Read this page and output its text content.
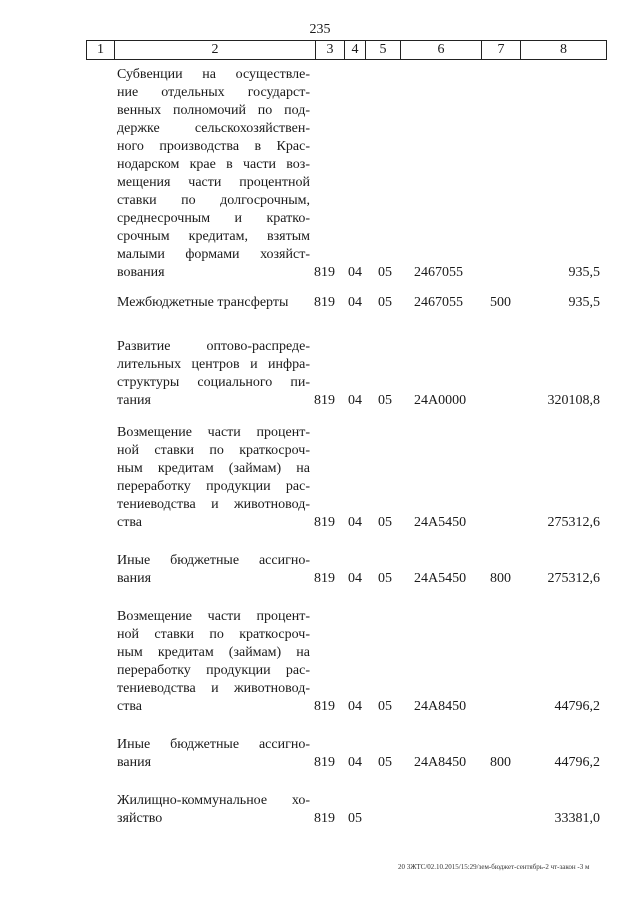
235
1	2	3	4	5	6	7	8
Субвенции на осуществле-
ние отдельных государст-
венных полномочий по под-
держке сельскохозяйствен-
ного производства в Крас-
нодарском крае в части воз-
мещения части процентной
ставки по долгосрочным,
среднесрочным и кратко-
срочным кредитам, взятым
малыми формами хозяйст-
вования	819 04 05 2467055	935,5
Межбюджетные трансферты	819 04 05 2467055 500	935,5
Развитие оптово-распреде-
лительных центров и инфра-
структуры социального пи-
тания	819 04 05 24А0000	320108,8
Возмещение части процент-
ной ставки по краткосроч-
ным кредитам (займам) на
переработку продукции рас-
тениеводства и животновод-
ства	819 04 05 24А5450	275312,6
Иные бюджетные ассигно-
вания	819 04 05 24А5450 800	275312,6
Возмещение части процент-
ной ставки по краткосроч-
ным кредитам (займам) на
переработку продукции рас-
тениеводства и животновод-
ства	819 04 05 24А8450	44796,2
Иные бюджетные ассигно-
вания	819 04 05 24А8450 800	44796,2
Жилищно-коммунальное хо-
зяйство	819 05	33381,0
20 3ЖТС/02.10.2015/15:29/зем-бюджет-сентябрь-2 чт-закон -3 м
